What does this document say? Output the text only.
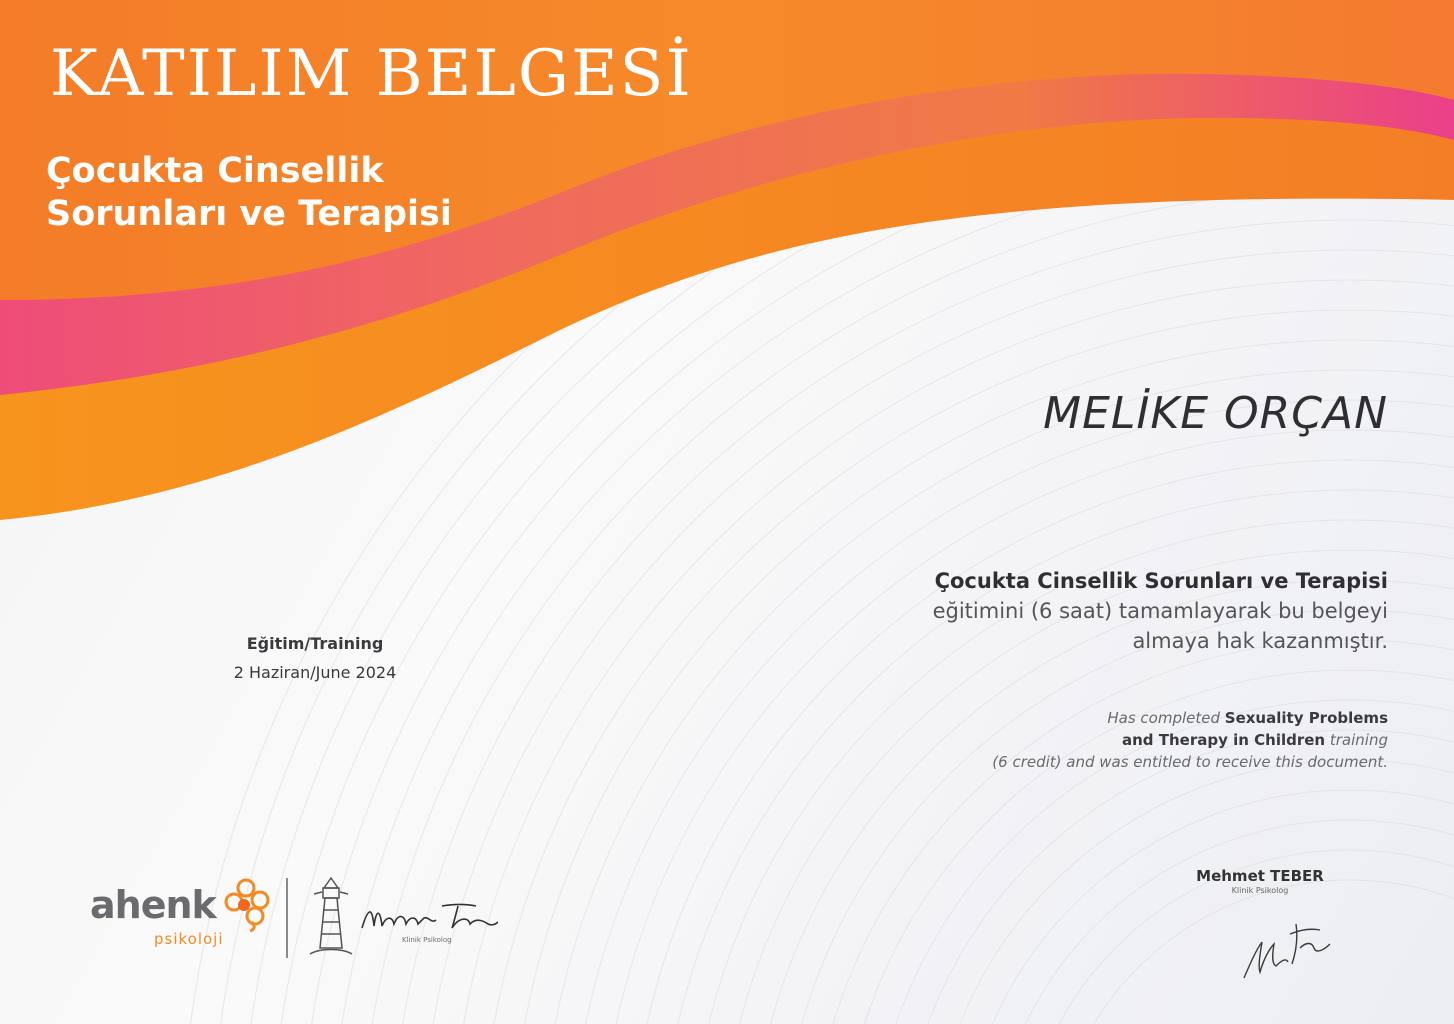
KATILIM BELGESİ
Çocukta Cinsellik
Sorunları ve Terapisi
MELİKE ORÇAN
Çocukta Cinsellik Sorunları ve Terapisi
eğitimini (6 saat) tamamlayarak bu belgeyi
almaya hak kazanmıştır.
Has completed Sexuality Problems
and Therapy in Children training
(6 credit) and was entitled to receive this document.
Eğitim/Training
2 Haziran/June 2024
ahenk
psikoloji	Klinik Psikolog
Mehmet TEBER
Klinik Psikolog
